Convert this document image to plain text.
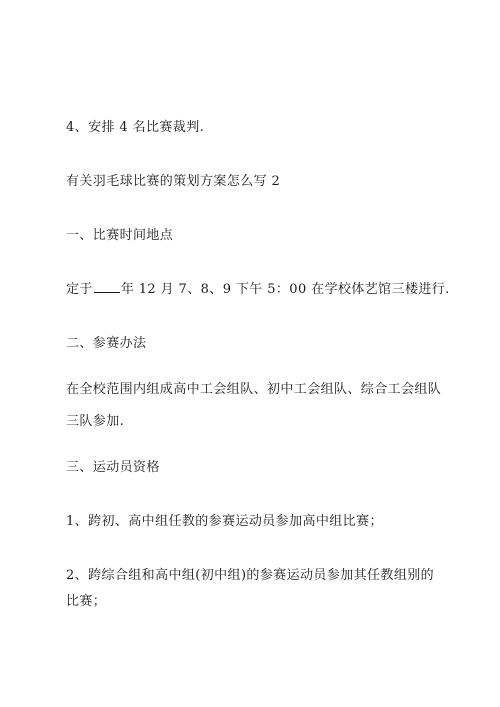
4、安排 4 名比赛裁判.
有关羽毛球比赛的策划方案怎么写 2
一、比赛时间地点
定于 年 12 月 7、8、9 下午 5：00 在学校体艺馆三楼进行.
二、参赛办法
在全校范围内组成高中工会组队、初中工会组队、综合工会组队
三队参加.
三、运动员资格
1、跨初、高中组任教的参赛运动员参加高中组比赛；
2、跨综合组和高中组(初中组)的参赛运动员参加其任教组别的
比赛；
